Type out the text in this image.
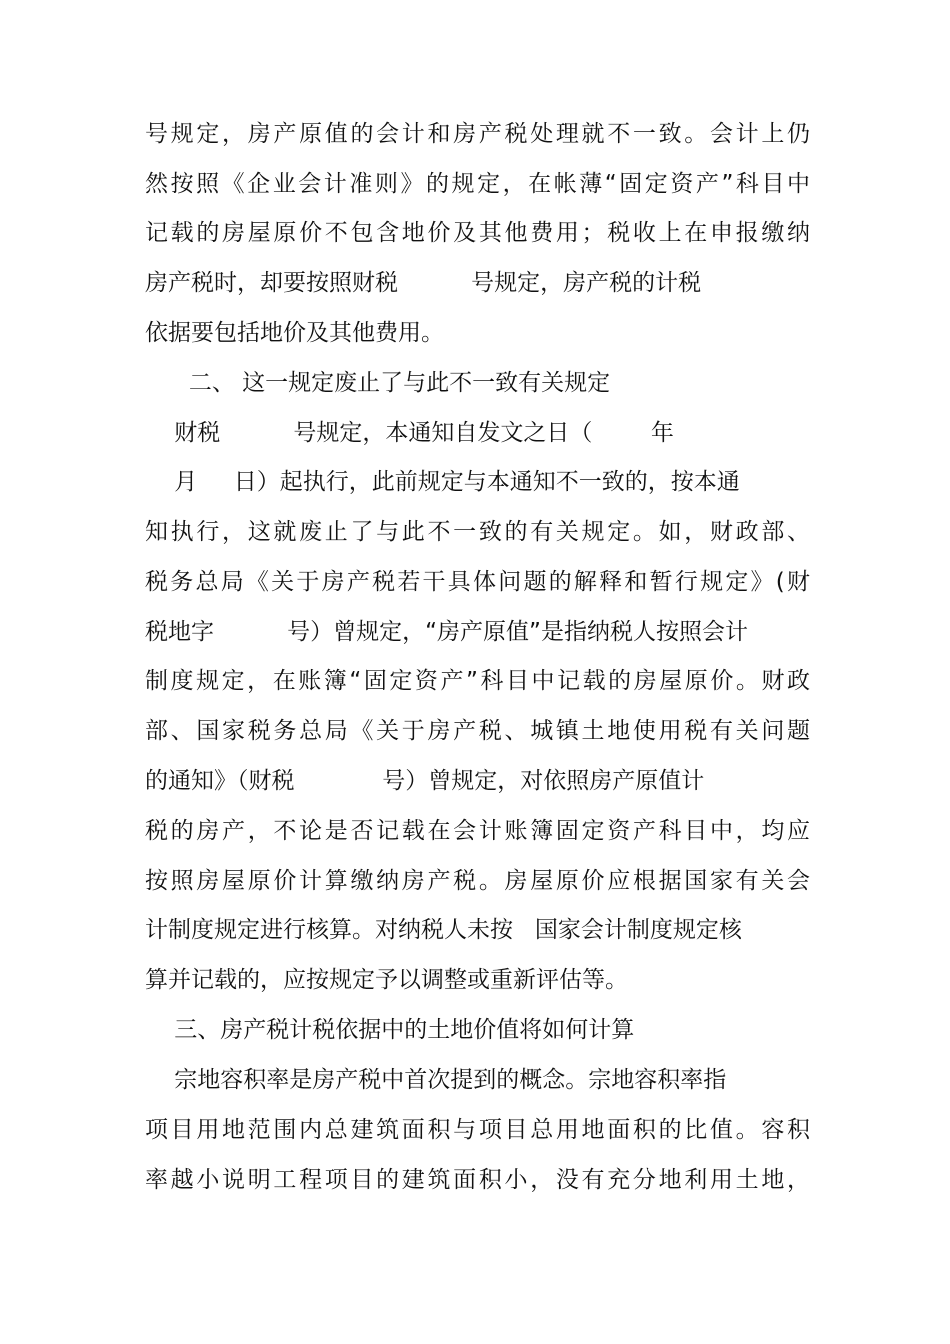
号规定，房产原值的会计和房产税处理就不一致。会计上仍
然按照《企业会计准则》的规定，在帐薄“固定资产”科目中
记载的房屋原价不包含地价及其他费用；税收上在申报缴纳
房产税时，却要按照财税          号规定，房产税的计税
依据要包括地价及其他费用。
二、 这一规定废止了与此不一致有关规定
财税          号规定，本通知自发文之日（        年
月     日）起执行，此前规定与本通知不一致的，按本通
知执行，这就废止了与此不一致的有关规定。如，财政部、
税务总局《关于房产税若干具体问题的解释和暂行规定》(财
税地字          号）曾规定，“房产原值”是指纳税人按照会计
制度规定，在账簿“固定资产”科目中记载的房屋原价。财政
部、国家税务总局《关于房产税、城镇土地使用税有关问题
的通知》（财税            号）曾规定，对依照房产原值计
税的房产，不论是否记载在会计账簿固定资产科目中，均应
按照房屋原价计算缴纳房产税。房屋原价应根据国家有关会
计制度规定进行核算。对纳税人未按   国家会计制度规定核
算并记载的，应按规定予以调整或重新评估等。
三、房产税计税依据中的土地价值将如何计算
宗地容积率是房产税中首次提到的概念。宗地容积率指
项目用地范围内总建筑面积与项目总用地面积的比值。容积
率越小说明工程项目的建筑面积小，没有充分地利用土地，
